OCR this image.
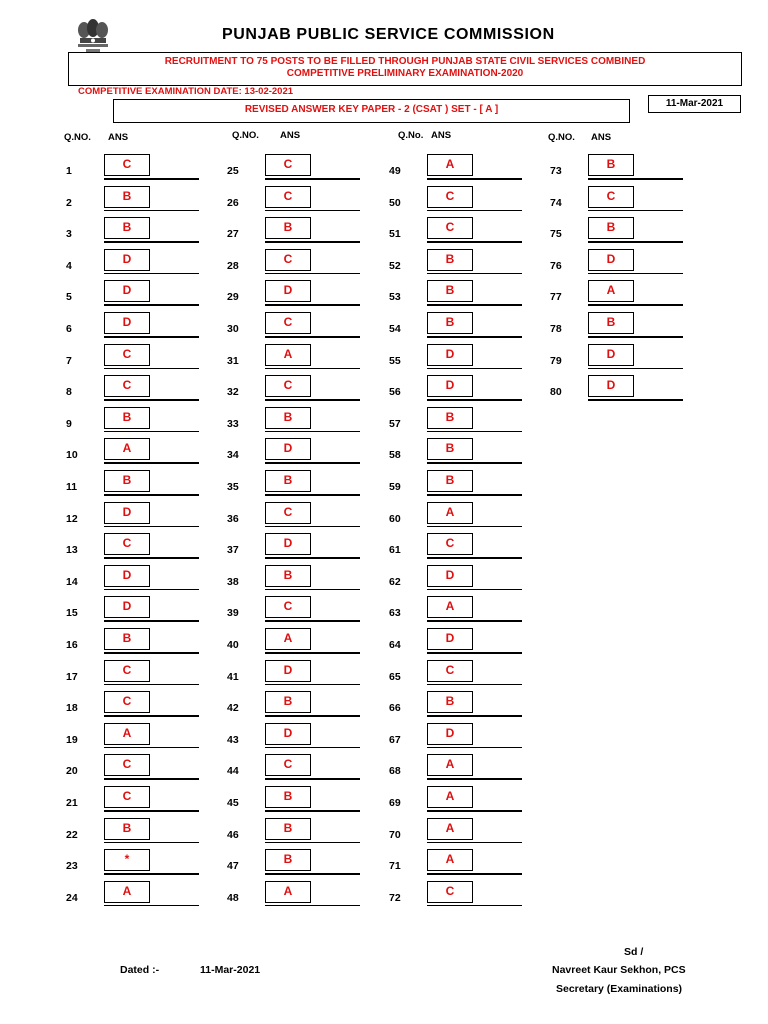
PUNJAB PUBLIC SERVICE COMMISSION
RECRUITMENT TO 75 POSTS TO BE FILLED THROUGH PUNJAB STATE CIVIL SERVICES COMBINED
COMPETITIVE PRELIMINARY EXAMINATION-2020
COMPETITIVE EXAMINATION DATE: 13-02-2021
REVISED ANSWER KEY PAPER - 2 (CSAT ) SET - [ A ]
11-Mar-2021
Q.NO. ANS	Q.NO. ANS	Q.No. ANS	Q.NO. ANS
1	C
2	B
3	B
4	D
5	D
6	D
7	C
8	C
9	B
10	A
11	B
12	D
13	C
14	D
15	D
16	B
17	C
18	C
19	A
20	C
21	C
22	B
23	*
24	A
25	C
26	C
27	B
28	C
29	D
30	C
31	A
32	C
33	B
34	D
35	B
36	C
37	D
38	B
39	C
40	A
41	D
42	B
43	D
44	C
45	B
46	B
47	B
48	A
49	A
50	C
51	C
52	B
53	B
54	B
55	D
56	D
57	B
58	B
59	B
60	A
61	C
62	D
63	A
64	D
65	C
66	B
67	D
68	A
69	A
70	A
71	A
72	C
73	B
74	C
75	B
76	D
77	A
78	B
79	D
80	D
Sd /
Dated :-	11-Mar-2021	Navreet Kaur Sekhon, PCS
Secretary (Examinations)
